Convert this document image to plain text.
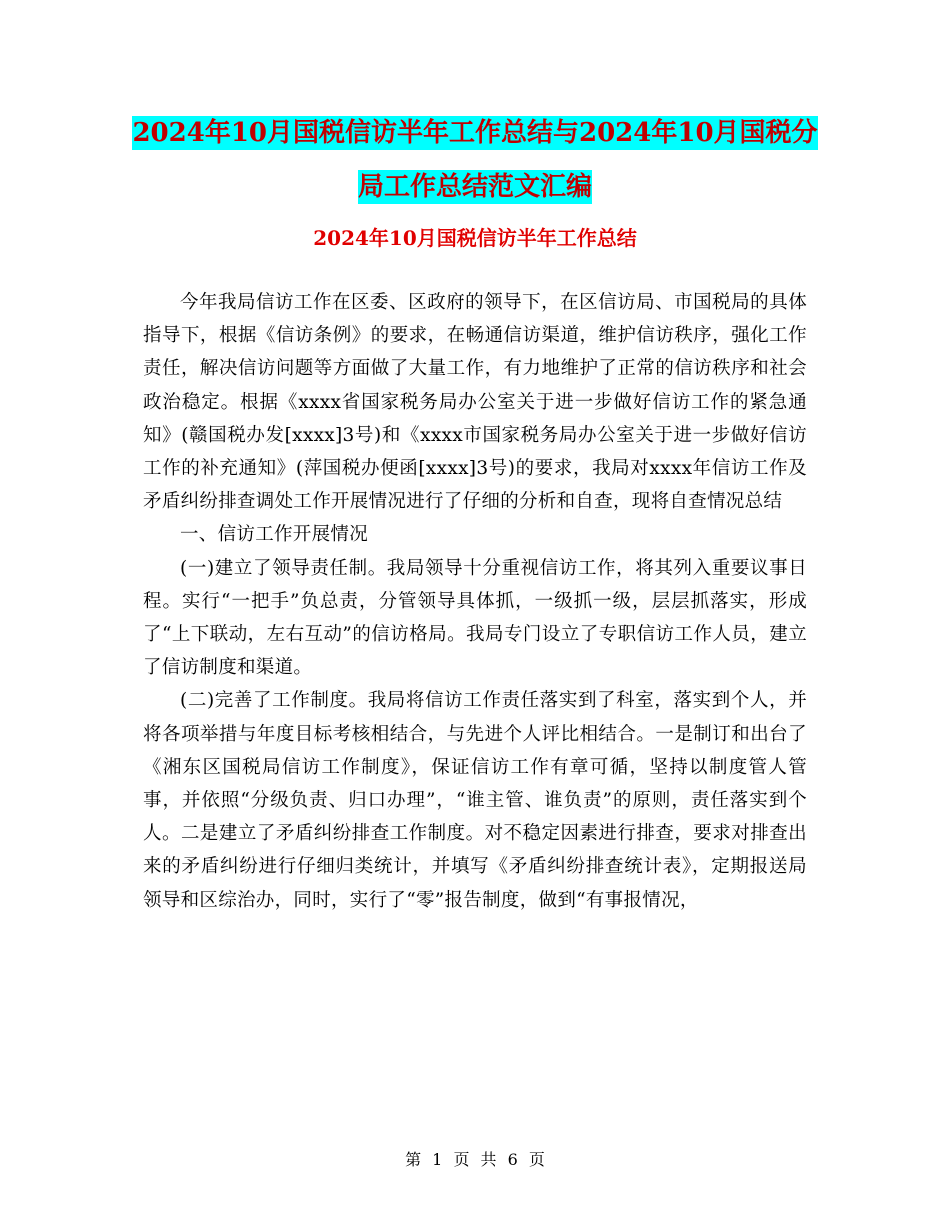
2024年10月国税信访半年工作总结与2024年10月国税分局工作总结范文汇编
2024年10月国税信访半年工作总结

今年我局信访工作在区委、区政府的领导下，在区信访局、市国税局的具体指导下，根据《信访条例》的要求，在畅通信访渠道，维护信访秩序，强化工作责任，解决信访问题等方面做了大量工作，有力地维护了正常的信访秩序和社会政治稳定。根据《xxxx省国家税务局办公室关于进一步做好信访工作的紧急通知》(赣国税办发[xxxx]3号)和《xxxx市国家税务局办公室关于进一步做好信访工作的补充通知》(萍国税办便函[xxxx]3号)的要求，我局对xxxx年信访工作及矛盾纠纷排查调处工作开展情况进行了仔细的分析和自查，现将自查情况总结

一、信访工作开展情况

(一)建立了领导责任制。我局领导十分重视信访工作，将其列入重要议事日程。实行“一把手”负总责，分管领导具体抓，一级抓一级，层层抓落实，形成了“上下联动，左右互动”的信访格局。我局专门设立了专职信访工作人员，建立了信访制度和渠道。

(二)完善了工作制度。我局将信访工作责任落实到了科室，落实到个人，并将各项举措与年度目标考核相结合，与先进个人评比相结合。一是制订和出台了《湘东区国税局信访工作制度》，保证信访工作有章可循，坚持以制度管人管事，并依照“分级负责、归口办理”，“谁主管、谁负责”的原则，责任落实到个人。二是建立了矛盾纠纷排查工作制度。对不稳定因素进行排查，要求对排查出来的矛盾纠纷进行仔细归类统计，并填写《矛盾纠纷排查统计表》，定期报送局领导和区综治办，同时，实行了“零”报告制度，做到“有事报情况，

第 1 页 共 6 页
